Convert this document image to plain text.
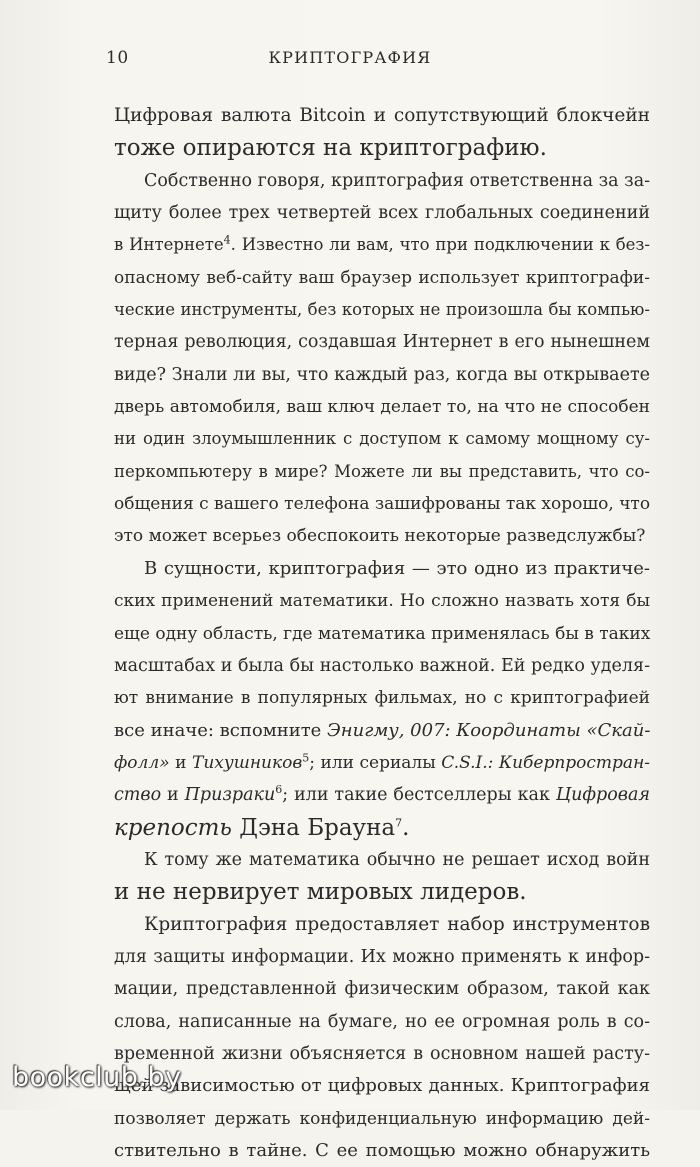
10	КРИПТОГРАФИЯ
Цифровая валюта Bitcoin и сопутствующий блокчейн
тоже опираются на криптографию.
Собственно говоря, криптография ответственна за за-
щиту более трех четвертей всех глобальных соединений
в Интернете$^4$. Известно ли вам, что при подключении к без-
опасному веб-сайту ваш браузер использует криптографи-
ческие инструменты, без которых не произошла бы компью-
терная революция, создавшая Интернет в его нынешнем
виде? Знали ли вы, что каждый раз, когда вы открываете
дверь автомобиля, ваш ключ делает то, на что не способен
ни один злоумышленник с доступом к самому мощному су-
перкомпьютеру в мире? Можете ли вы представить, что со-
общения с вашего телефона зашифрованы так хорошо, что
это может всерьез обеспокоить некоторые разведслужбы?
В сущности, криптография — это одно из практиче-
ских применений математики. Но сложно назвать хотя бы
еще одну область, где математика применялась бы в таких
масштабах и была бы настолько важной. Ей редко уделя-
ют внимание в популярных фильмах, но с криптографией
все иначе: вспомните Энигму, 007: Координаты «Скай-
фолл» и Тихушников$^5$; или сериалы C.S.I.: Киберпростран-
ство и Призраки$^6$; или такие бестселлеры как Цифровая
крепость Дэна Брауна$^7$.
К тому же математика обычно не решает исход войн
и не нервирует мировых лидеров.
Криптография предоставляет набор инструментов
для защиты информации. Их можно применять к инфор-
мации, представленной физическим образом, такой как
слова, написанные на бумаге, но ее огромная роль в со-
временной жизни объясняется в основном нашей расту-
щей зависимостью от цифровых данных. Криптография
позволяет держать конфиденциальную информацию дей-
ствительно в тайне. С ее помощью можно обнаружить
bookclub.by
